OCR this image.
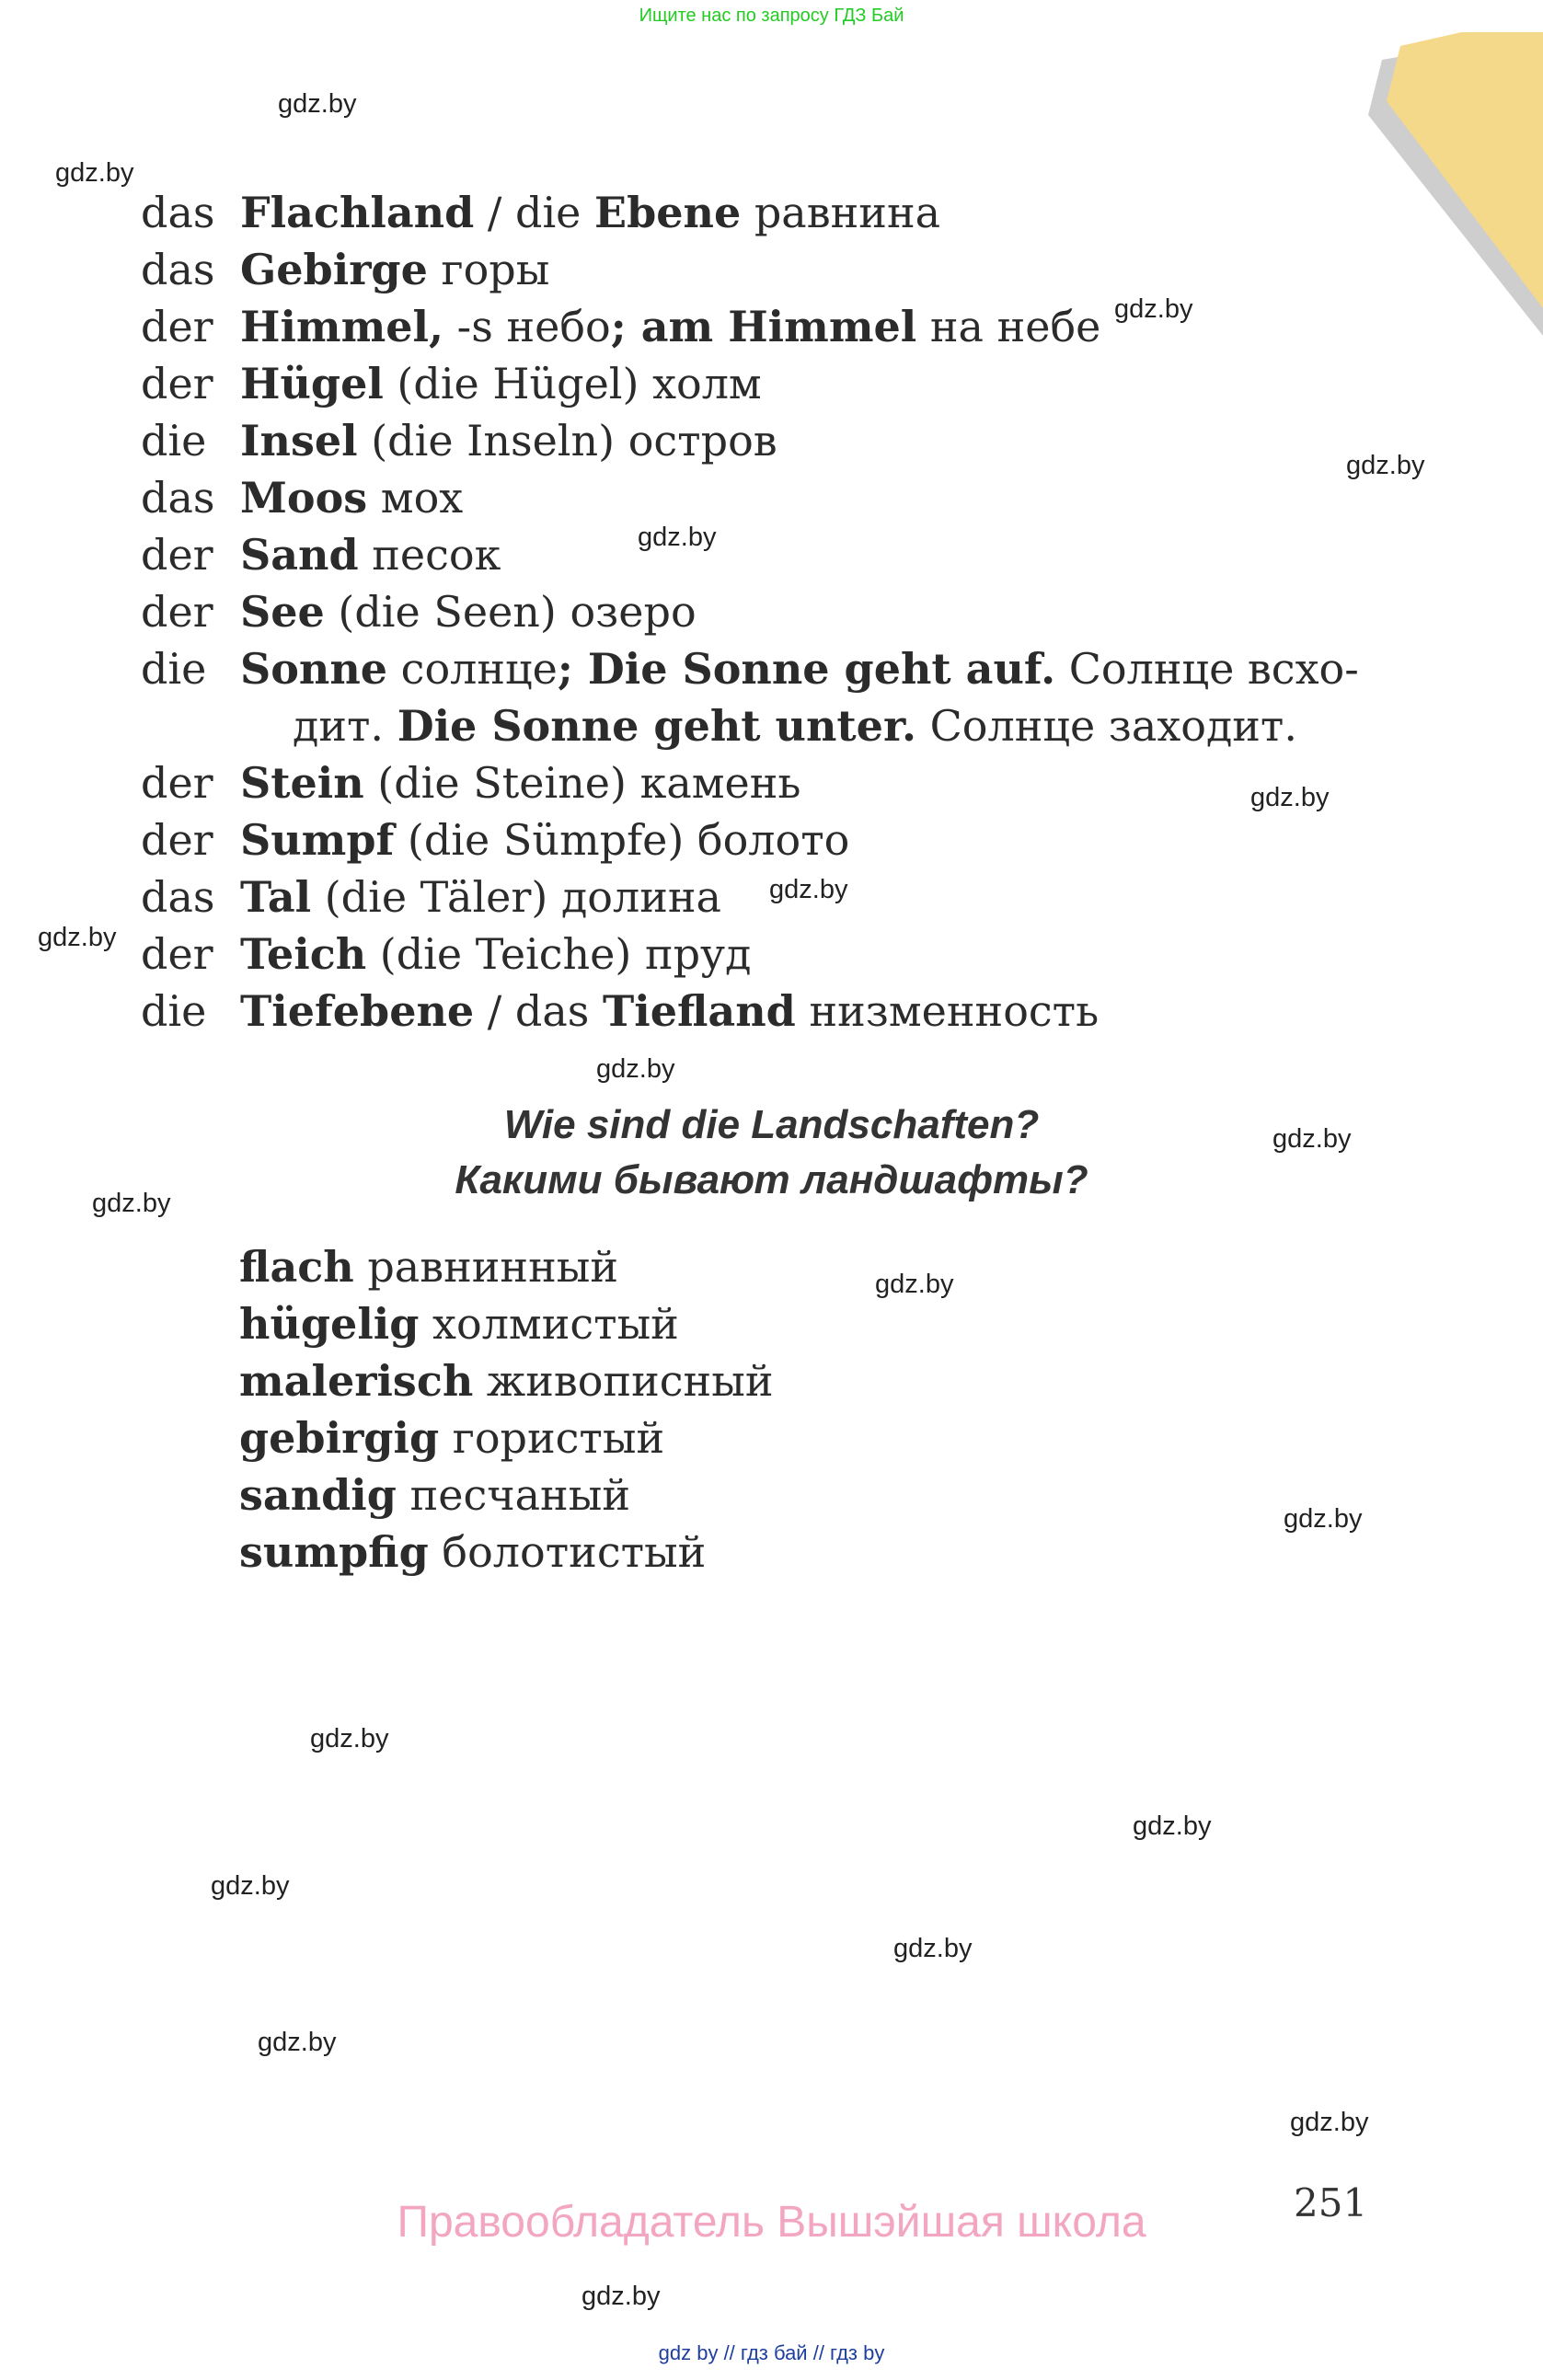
Ищите нас по запросу ГДЗ Бай
das Flachland / die Ebene равнина
das Gebirge горы
der Himmel, -s небо; am Himmel на небе
der Hügel (die Hügel) холм
die Insel (die Inseln) остров
das Moos мох
der Sand песок
der See (die Seen) озеро
die Sonne солнце; Die Sonne geht auf. Солнце всхо-
дит. Die Sonne geht unter. Солнце заходит.
der Stein (die Steine) камень
der Sumpf (die Sümpfe) болото
das Tal (die Täler) долина
der Teich (die Teiche) пруд
die Tiefebene / das Tiefland низменность
Wie sind die Landschaften?
Какими бывают ландшафты?
flach равнинный
hügelig холмистый
malerisch живописный
gebirgig гористый
sandig песчаный
sumpfig болотистый
gdz.by
gdz.by
gdz.by
gdz.by
gdz.by
gdz.by
gdz.by
gdz.by
gdz.by
gdz.by
gdz.by
gdz.by
gdz.by
gdz.by
gdz.by
gdz.by
gdz.by
gdz.by
gdz.by
gdz.by
251
Правообладатель Вышэйшая школа
gdz by // гдз бай // гдз by
